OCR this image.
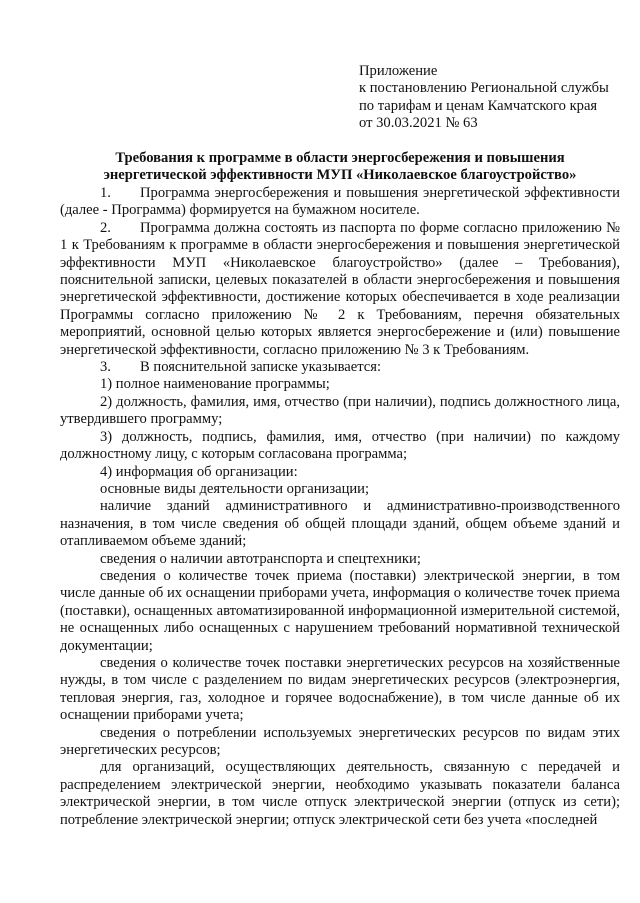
Приложение
к постановлению Региональной службы
по тарифам и ценам Камчатского края
от 30.03.2021 № 63
Требования к программе в области энергосбережения и повышения
энергетической эффективности МУП «Николаевское благоустройство»

1. Программа энергосбережения и повышения энергетической эффективности (далее - Программа) формируется на бумажном носителе.

2. Программа должна состоять из паспорта по форме согласно приложению № 1 к Требованиям к программе в области энергосбережения и повышения энергетической эффективности МУП «Николаевское благоустройство» (далее – Требования), пояснительной записки, целевых показателей в области энергосбережения и повышения энергетической эффективности, достижение которых обеспечивается в ходе реализации Программы согласно приложению № 2 к Требованиям, перечня обязательных мероприятий, основной целью которых является энергосбережение и (или) повышение энергетической эффективности, согласно приложению № 3 к Требованиям.

3. В пояснительной записке указывается:

1) полное наименование программы;

2) должность, фамилия, имя, отчество (при наличии), подпись должностного лица, утвердившего программу;

3) должность, подпись, фамилия, имя, отчество (при наличии) по каждому должностному лицу, с которым согласована программа;

4) информация об организации:

основные виды деятельности организации;

наличие зданий административного и административно-производственного назначения, в том числе сведения об общей площади зданий, общем объеме зданий и отапливаемом объеме зданий;

сведения о наличии автотранспорта и спецтехники;

сведения о количестве точек приема (поставки) электрической энергии, в том числе данные об их оснащении приборами учета, информация о количестве точек приема (поставки), оснащенных автоматизированной информационной измерительной системой, не оснащенных либо оснащенных с нарушением требований нормативной технической документации;

сведения о количестве точек поставки энергетических ресурсов на хозяйственные нужды, в том числе с разделением по видам энергетических ресурсов (электроэнергия, тепловая энергия, газ, холодное и горячее водоснабжение), в том числе данные об их оснащении приборами учета;

сведения о потреблении используемых энергетических ресурсов по видам этих энергетических ресурсов;

для организаций, осуществляющих деятельность, связанную с передачей и распределением электрической энергии, необходимо указывать показатели баланса электрической энергии, в том числе отпуск электрической энергии (отпуск из сети); потребление электрической энергии; отпуск электрической сети без учета «последней
